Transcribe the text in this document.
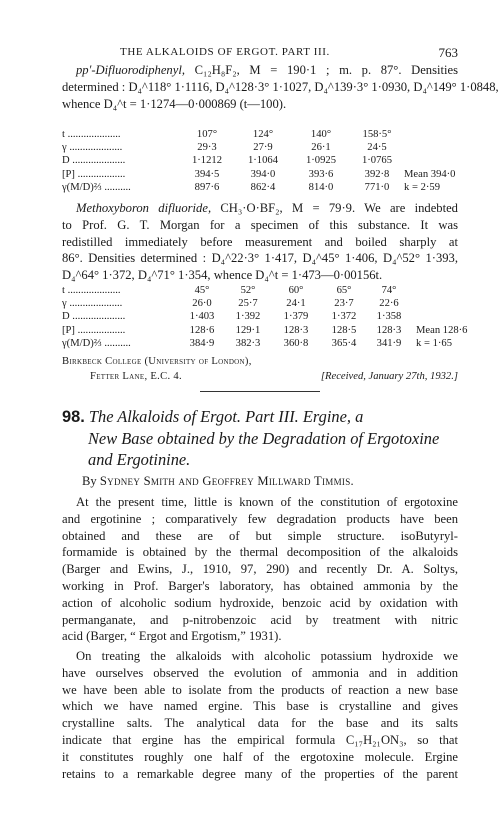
THE ALKALOIDS OF ERGOT. PART III.	763
pp′-Difluorodiphenyl, C₁₂H₈F₂, M = 190·1 ; m. p. 87°. Densities
determined : D₄^118° 1·1116, D₄^128·3° 1·1027, D₄^139·3° 1·0930, D₄^149° 1·0848,
whence D₄^t = 1·1274—0·000869 (t—100).
t ....................	107°	124°	140°	158·5°	
γ ....................	29·3	27·9	26·1	24·5	
D ....................	1·1212	1·1064	1·0925	1·0765	
[P] ..................	394·5	394·0	393·6	392·8	Mean 394·0
γ(M/D)⅔ ..........	897·6	862·4	814·0	771·0	k = 2·59
Methoxyboron difluoride, CH₃·O·BF₂, M = 79·9. We are indebted
to Prof. G. T. Morgan for a specimen of this substance. It was
redistilled immediately before measurement and boiled sharply at
86°. Densities determined : D₄^22·3° 1·417, D₄^45° 1·406, D₄^52° 1·393,
D₄^64° 1·372, D₄^71° 1·354, whence D₄^t = 1·473—0·00156t.
t ....................	45°	52°	60°	65°	74°	
γ ....................	26·0	25·7	24·1	23·7	22·6	
D ....................	1·403	1·392	1·379	1·372	1·358	
[P] ..................	128·6	129·1	128·3	128·5	128·3	Mean 128·6
γ(M/D)⅔ ..........	384·9	382·3	360·8	365·4	341·9	k = 1·65
Birkbeck College (University of London),
Fetter Lane, E.C. 4.	[Received, January 27th, 1932.]
98. The Alkaloids of Ergot. Part III. Ergine, a
New Base obtained by the Degradation of Ergotoxine
and Ergotinine.
By Sydney Smith and Geoffrey Millward Timmis.
At the present time, little is known of the constitution of ergotoxine
and ergotinine ; comparatively few degradation products have been
obtained and these are of but simple structure. isoButyryl-
formamide is obtained by the thermal decomposition of the alkaloids
(Barger and Ewins, J., 1910, 97, 290) and recently Dr. A. Soltys,
working in Prof. Barger's laboratory, has obtained ammonia by the
action of alcoholic sodium hydroxide, benzoic acid by oxidation with
permanganate, and p-nitrobenzoic acid by treatment with nitric
acid (Barger, “ Ergot and Ergotism,” 1931).
On treating the alkaloids with alcoholic potassium hydroxide we
have ourselves observed the evolution of ammonia and in addition
we have been able to isolate from the products of reaction a new base
which we have named ergine. This base is crystalline and gives
crystalline salts. The analytical data for the base and its salts
indicate that ergine has the empirical formula C₁₇H₂₁ON₃, so that
it constitutes roughly one half of the ergotoxine molecule. Ergine
retains to a remarkable degree many of the properties of the parent
